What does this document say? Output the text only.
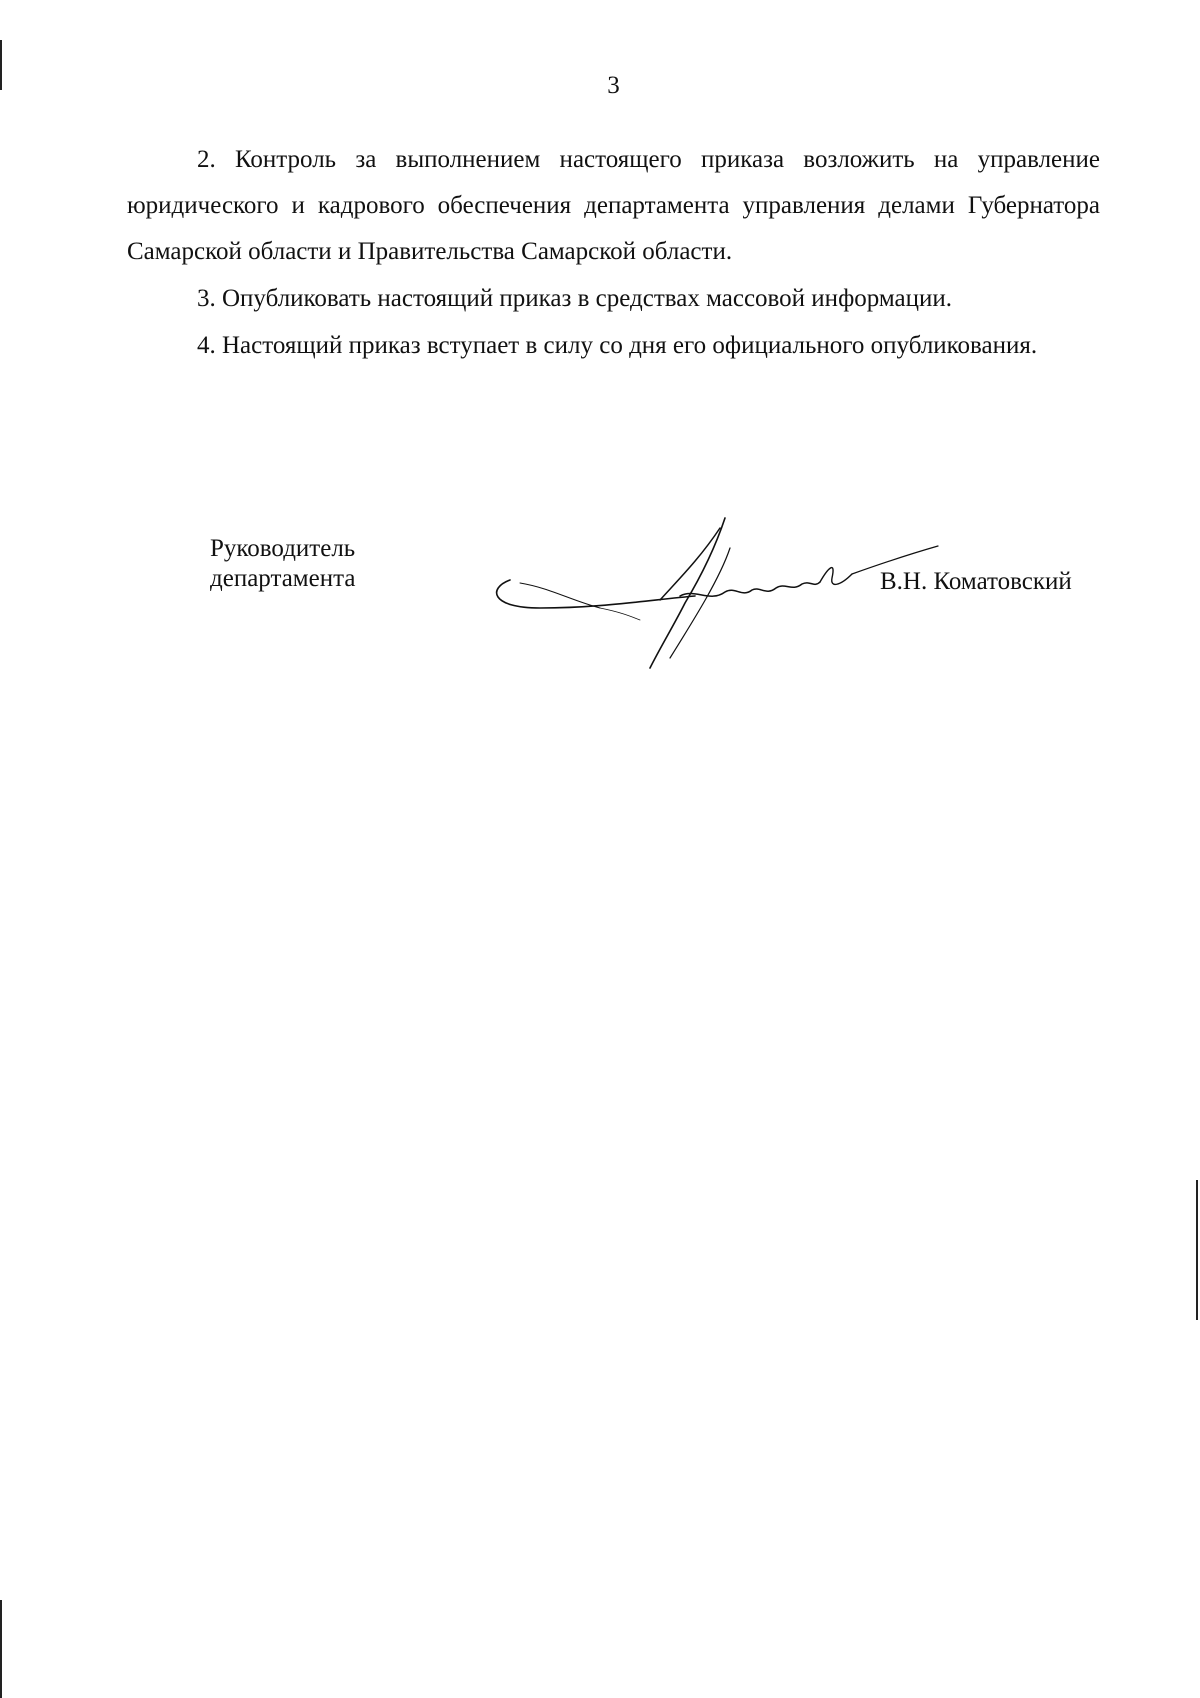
3

2. Контроль за выполнением настоящего приказа возложить на управление юридического и кадрового обеспечения департамента управления делами Губернатора Самарской области и Правительства Самарской области.

3. Опубликовать настоящий приказ в средствах массовой информации.

4. Настоящий приказ вступает в силу со дня его официального опубликования.

Руководитель
департамента	В.Н. Коматовский
